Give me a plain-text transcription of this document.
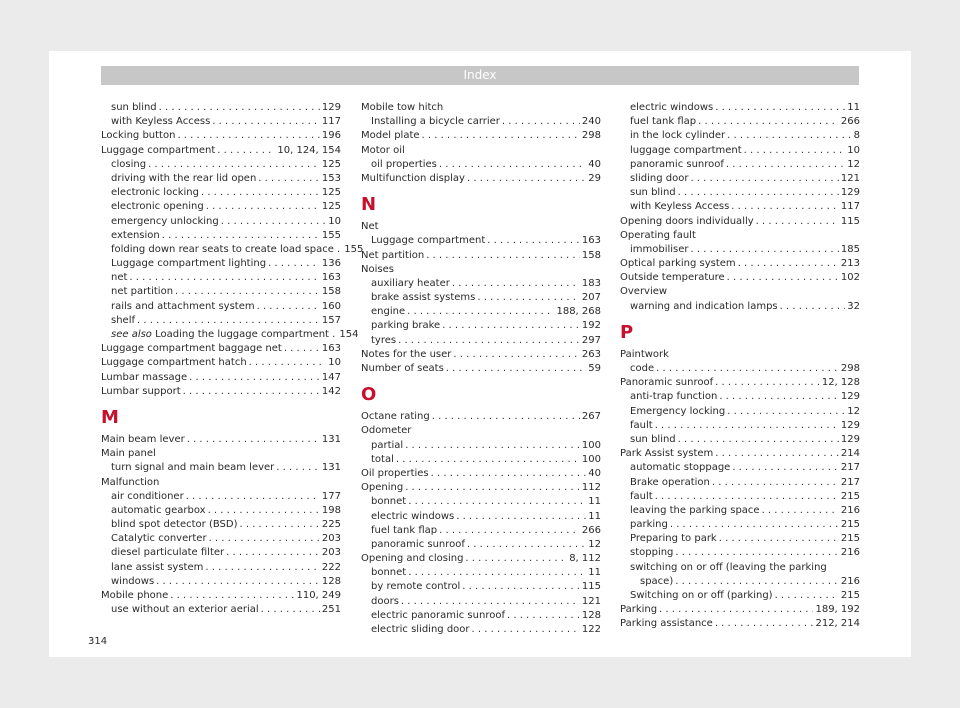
Index
sun blind . . .	129
with Keyless Access . . .	117
Locking button . . .	196
Luggage compartment . . .	10, 124, 154
closing . . .	125
driving with the rear lid open . . .	153
electronic locking . . .	125
electronic opening . . .	125
emergency unlocking . . .	10
extension . . .	155
folding down rear seats to create load space . 155
Luggage compartment lighting . . .	136
net . . .	163
net partition . . .	158
rails and attachment system . . .	160
shelf . . .	157
see also Loading the luggage compartment . 154
Luggage compartment baggage net . . .	163
Luggage compartment hatch . . .	10
Lumbar massage . . .	147
Lumbar support . . .	142
M
Main beam lever . . .	131
Main panel
turn signal and main beam lever . . .	131
Malfunction
air conditioner . . .	177
automatic gearbox . . .	198
blind spot detector (BSD) . . .	225
Catalytic converter . . .	203
diesel particulate filter . . .	203
lane assist system . . .	222
windows . . .	128
Mobile phone . . .	110, 249
use without an exterior aerial . . .	251
Mobile tow hitch
Installing a bicycle carrier . . .	240
Model plate . . .	298
Motor oil
oil properties . . .	40
Multifunction display . . .	29
N
Net
Luggage compartment . . .	163
Net partition . . .	158
Noises
auxiliary heater . . .	183
brake assist systems . . .	207
engine . . .	188, 268
parking brake . . .	192
tyres . . .	297
Notes for the user . . .	263
Number of seats . . .	59
O
Octane rating . . .	267
Odometer
partial . . .	100
total . . .	100
Oil properties . . .	40
Opening . . .	112
bonnet . . .	11
electric windows . . .	11
fuel tank flap . . .	266
panoramic sunroof . . .	12
Opening and closing . . .	8, 112
bonnet . . .	11
by remote control . . .	115
doors . . .	121
electric panoramic sunroof . . .	128
electric sliding door . . .	122
electric windows . . .	11
fuel tank flap . . .	266
in the lock cylinder . . .	8
luggage compartment . . .	10
panoramic sunroof . . .	12
sliding door . . .	121
sun blind . . .	129
with Keyless Access . . .	117
Opening doors individually . . .	115
Operating fault
immobiliser . . .	185
Optical parking system . . .	213
Outside temperature . . .	102
Overview
warning and indication lamps . . .	32
P
Paintwork
code . . .	298
Panoramic sunroof . . .	12, 128
anti-trap function . . .	129
Emergency locking . . .	12
fault . . .	129
sun blind . . .	129
Park Assist system . . .	214
automatic stoppage . . .	217
Brake operation . . .	217
fault . . .	215
leaving the parking space . . .	216
parking . . .	215
Preparing to park . . .	215
stopping . . .	216
switching on or off (leaving the parking
space) . . .	216
Switching on or off (parking) . . .	215
Parking . . .	189, 192
Parking assistance . . .	212, 214
314
